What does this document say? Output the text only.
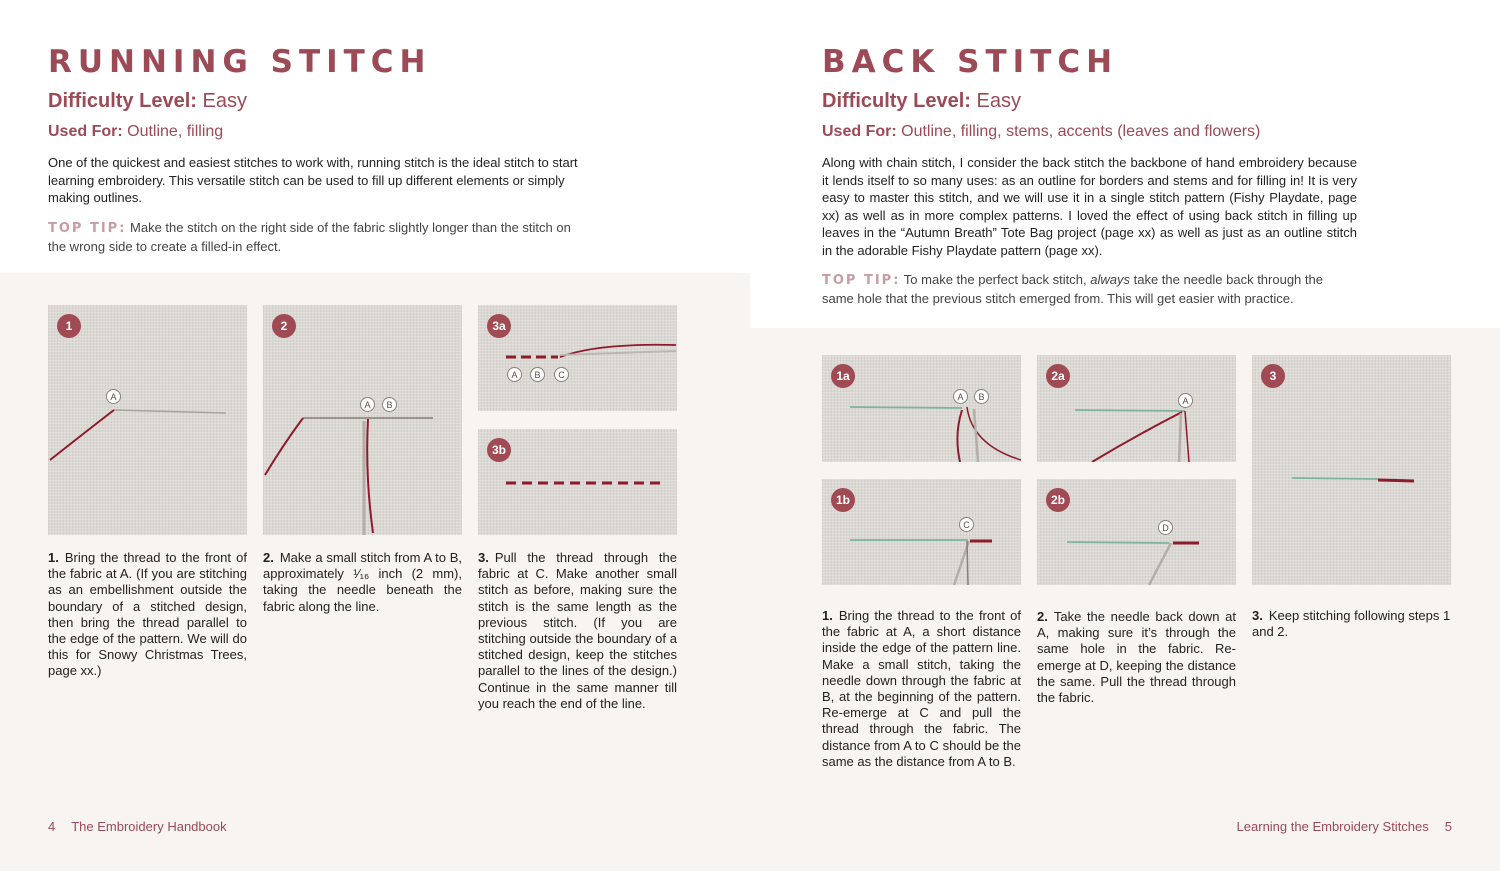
RUNNING STITCH
Difficulty Level: Easy
Used For: Outline, filling
One of the quickest and easiest stitches to work with, running stitch is the ideal stitch to start learning embroidery. This versatile stitch can be used to fill up different elements or simply making outlines.
TOP TIP: Make the stitch on the right side of the fabric slightly longer than the stitch on the wrong side to create a filled-in effect.
1
A
2
A	B
3a
A	B	C
3b
1. Bring the thread to the front of the fabric at A. (If you are stitching as an embellishment outside the boundary of a stitched design, then bring the thread parallel to the edge of the pattern. We will do this for Snowy Christmas Trees, page xx.)
2. Make a small stitch from A to B, approximately ¹⁄₁₆ inch (2 mm), taking the needle beneath the fabric along the line.
3. Pull the thread through the fabric at C. Make another small stitch as before, making sure the stitch is the same length as the previous stitch. (If you are stitching outside the boundary of a stitched design, keep the stitches parallel to the lines of the design.) Continue in the same manner till you reach the end of the line.
4 The Embroidery Handbook
BACK STITCH
Difficulty Level: Easy
Used For: Outline, filling, stems, accents (leaves and flowers)
Along with chain stitch, I consider the back stitch the backbone of hand embroidery because it lends itself to so many uses: as an outline for borders and stems and for filling in! It is very easy to master this stitch, and we will use it in a single stitch pattern (Fishy Playdate, page xx) as well as in more complex patterns. I loved the effect of using back stitch in filling up leaves in the “Autumn Breath” Tote Bag project (page xx) as well as just as an outline stitch in the adorable Fishy Playdate pattern (page xx).
TOP TIP: To make the perfect back stitch, always take the needle back through the same hole that the previous stitch emerged from. This will get easier with practice.
1a
A	B
2a
A
3
1b
C
2b
D
1. Bring the thread to the front of the fabric at A, a short distance inside the edge of the pattern line. Make a small stitch, taking the needle down through the fabric at B, at the beginning of the pattern. Re-emerge at C and pull the thread through the fabric. The distance from A to C should be the same as the distance from A to B.
2. Take the needle back down at A, making sure it’s through the same hole in the fabric. Re-emerge at D, keeping the distance the same. Pull the thread through the fabric.
3. Keep stitching following steps 1 and 2.
Learning the Embroidery Stitches 5
